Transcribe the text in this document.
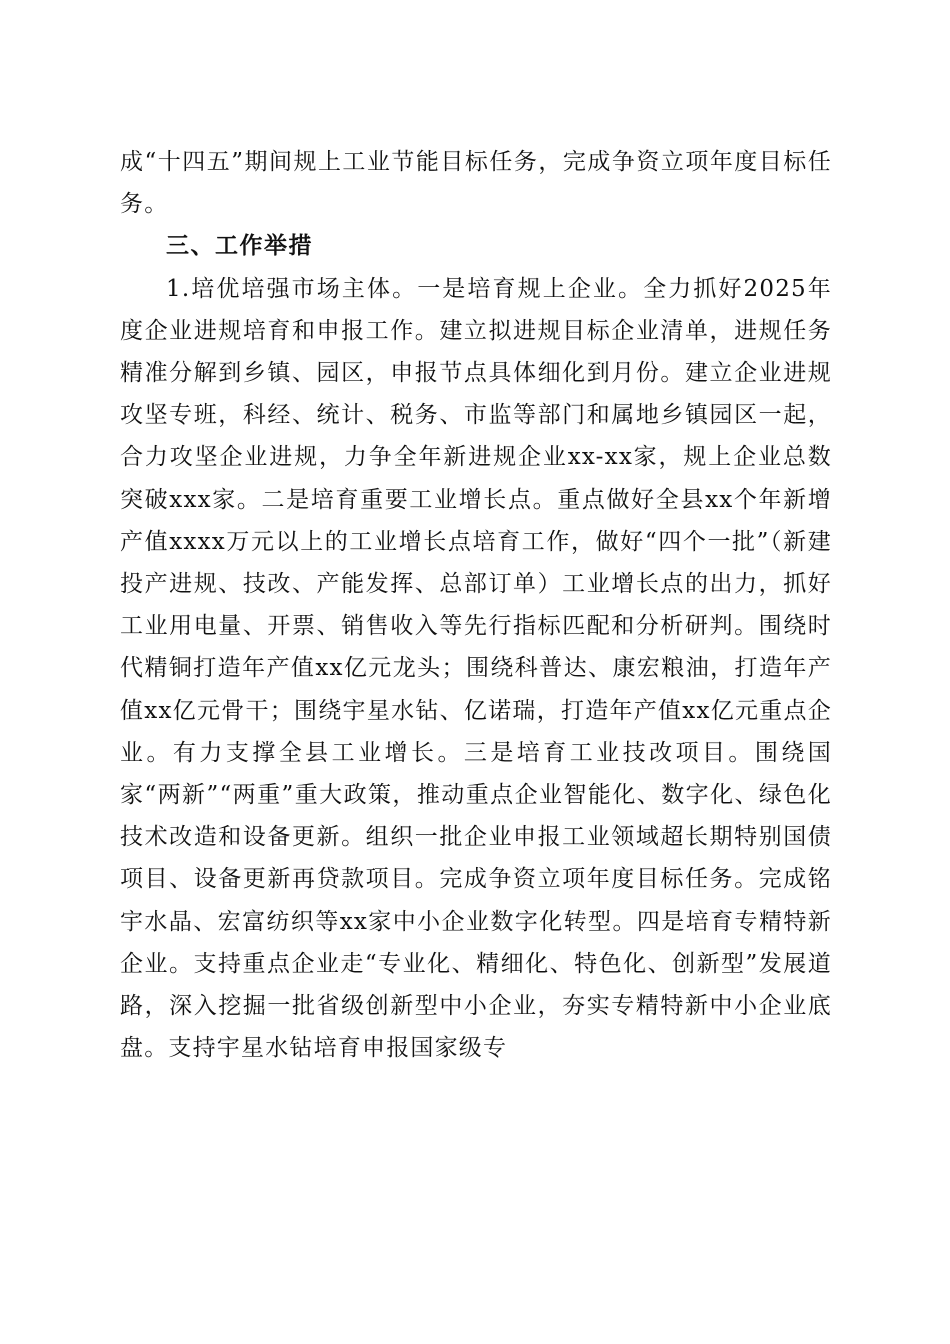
成“十四五”期间规上工业节能目标任务，完成争资立项年度目标任务。

三、工作举措

1.培优培强市场主体。一是培育规上企业。全力抓好2025年度企业进规培育和申报工作。建立拟进规目标企业清单，进规任务精准分解到乡镇、园区，申报节点具体细化到月份。建立企业进规攻坚专班，科经、统计、税务、市监等部门和属地乡镇园区一起，合力攻坚企业进规，力争全年新进规企业xx-xx家，规上企业总数突破xxx家。二是培育重要工业增长点。重点做好全县xx个年新增产值xxxx万元以上的工业增长点培育工作，做好“四个一批”（新建投产进规、技改、产能发挥、总部订单）工业增长点的出力，抓好工业用电量、开票、销售收入等先行指标匹配和分析研判。围绕时代精铜打造年产值xx亿元龙头；围绕科普达、康宏粮油，打造年产值xx亿元骨干；围绕宇星水钻、亿诺瑞，打造年产值xx亿元重点企业。有力支撑全县工业增长。三是培育工业技改项目。围绕国家“两新”“两重”重大政策，推动重点企业智能化、数字化、绿色化技术改造和设备更新。组织一批企业申报工业领域超长期特别国债项目、设备更新再贷款项目。完成争资立项年度目标任务。完成铭宇水晶、宏富纺织等xx家中小企业数字化转型。四是培育专精特新企业。支持重点企业走“专业化、精细化、特色化、创新型”发展道路，深入挖掘一批省级创新型中小企业，夯实专精特新中小企业底盘。支持宇星水钻培育申报国家级专
